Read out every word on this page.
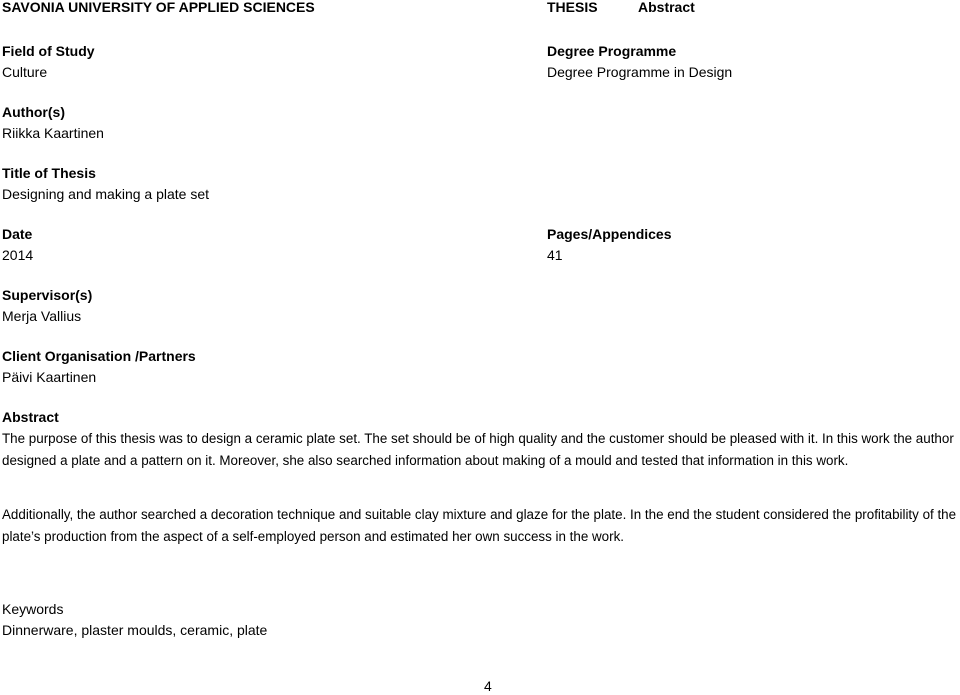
SAVONIA UNIVERSITY OF APPLIED SCIENCES	THESIS	Abstract
Field of Study
Culture
Degree Programme
Degree Programme in Design
Author(s)
Riikka Kaartinen
Title of Thesis
Designing and making a plate set
Date
2014
Pages/Appendices
41
Supervisor(s)
Merja Vallius
Client Organisation /Partners
Päivi Kaartinen
Abstract
The purpose of this thesis was to design a ceramic plate set. The set should be of high quality and the customer should be pleased with it. In this work the author designed a plate and a pattern on it. Moreover, she also searched information about making of a mould and tested that information in this work.
Additionally, the author searched a decoration technique and suitable clay mixture and glaze for the plate. In the end the student considered the profitability of the plate’s production from the aspect of a self-employed person and estimated her own success in the work.
Keywords
Dinnerware, plaster moulds, ceramic, plate
4
